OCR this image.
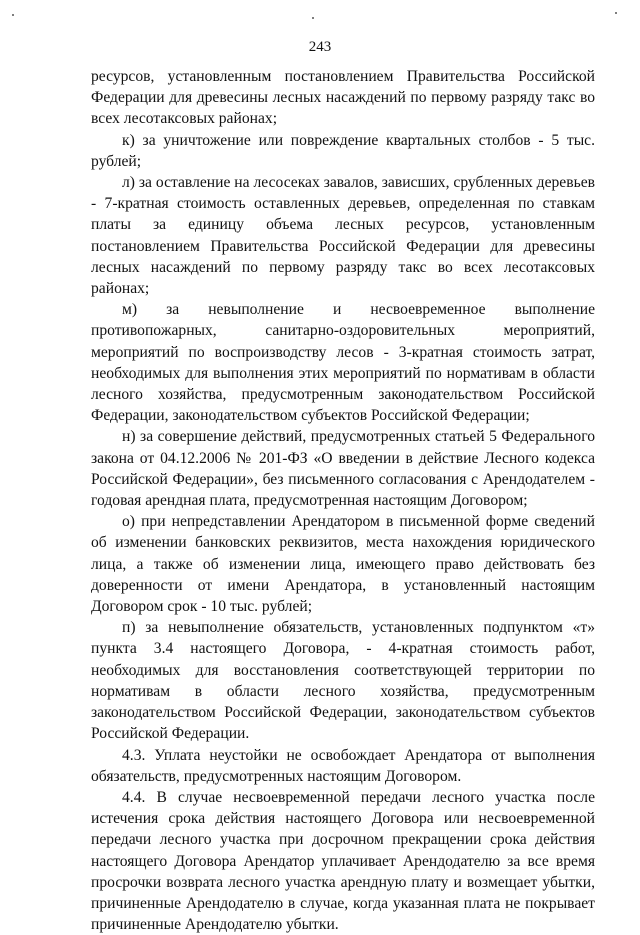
243

ресурсов, установленным постановлением Правительства Российской Федерации для древесины лесных насаждений по первому разряду такс во всех лесотаксовых районах;

к) за уничтожение или повреждение квартальных столбов - 5 тыс. рублей;

л) за оставление на лесосеках завалов, зависших, срубленных деревьев - 7-кратная стоимость оставленных деревьев, определенная по ставкам платы за единицу объема лесных ресурсов, установленным постановлением Правительства Российской Федерации для древесины лесных насаждений по первому разряду такс во всех лесотаксовых районах;

м) за невыполнение и несвоевременное выполнение противопожарных, санитарно-оздоровительных мероприятий, мероприятий по воспроизводству лесов - 3-кратная стоимость затрат, необходимых для выполнения этих мероприятий по нормативам в области лесного хозяйства, предусмотренным законодательством Российской Федерации, законодательством субъектов Российской Федерации;

н) за совершение действий, предусмотренных статьей 5 Федерального закона от 04.12.2006 № 201-ФЗ «О введении в действие Лесного кодекса Российской Федерации», без письменного согласования с Арендодателем - годовая арендная плата, предусмотренная настоящим Договором;

о) при непредставлении Арендатором в письменной форме сведений об изменении банковских реквизитов, места нахождения юридического лица, а также об изменении лица, имеющего право действовать без доверенности от имени Арендатора, в установленный настоящим Договором срок - 10 тыс. рублей;

п) за невыполнение обязательств, установленных подпунктом «т» пункта 3.4 настоящего Договора, - 4-кратная стоимость работ, необходимых для восстановления соответствующей территории по нормативам в области лесного хозяйства, предусмотренным законодательством Российской Федерации, законодательством субъектов Российской Федерации.

4.3. Уплата неустойки не освобождает Арендатора от выполнения обязательств, предусмотренных настоящим Договором.

4.4. В случае несвоевременной передачи лесного участка после истечения срока действия настоящего Договора или несвоевременной передачи лесного участка при досрочном прекращении срока действия настоящего Договора Арендатор уплачивает Арендодателю за все время просрочки возврата лесного участка арендную плату и возмещает убытки, причиненные Арендодателю в случае, когда указанная плата не покрывает причиненные Арендодателю убытки.
